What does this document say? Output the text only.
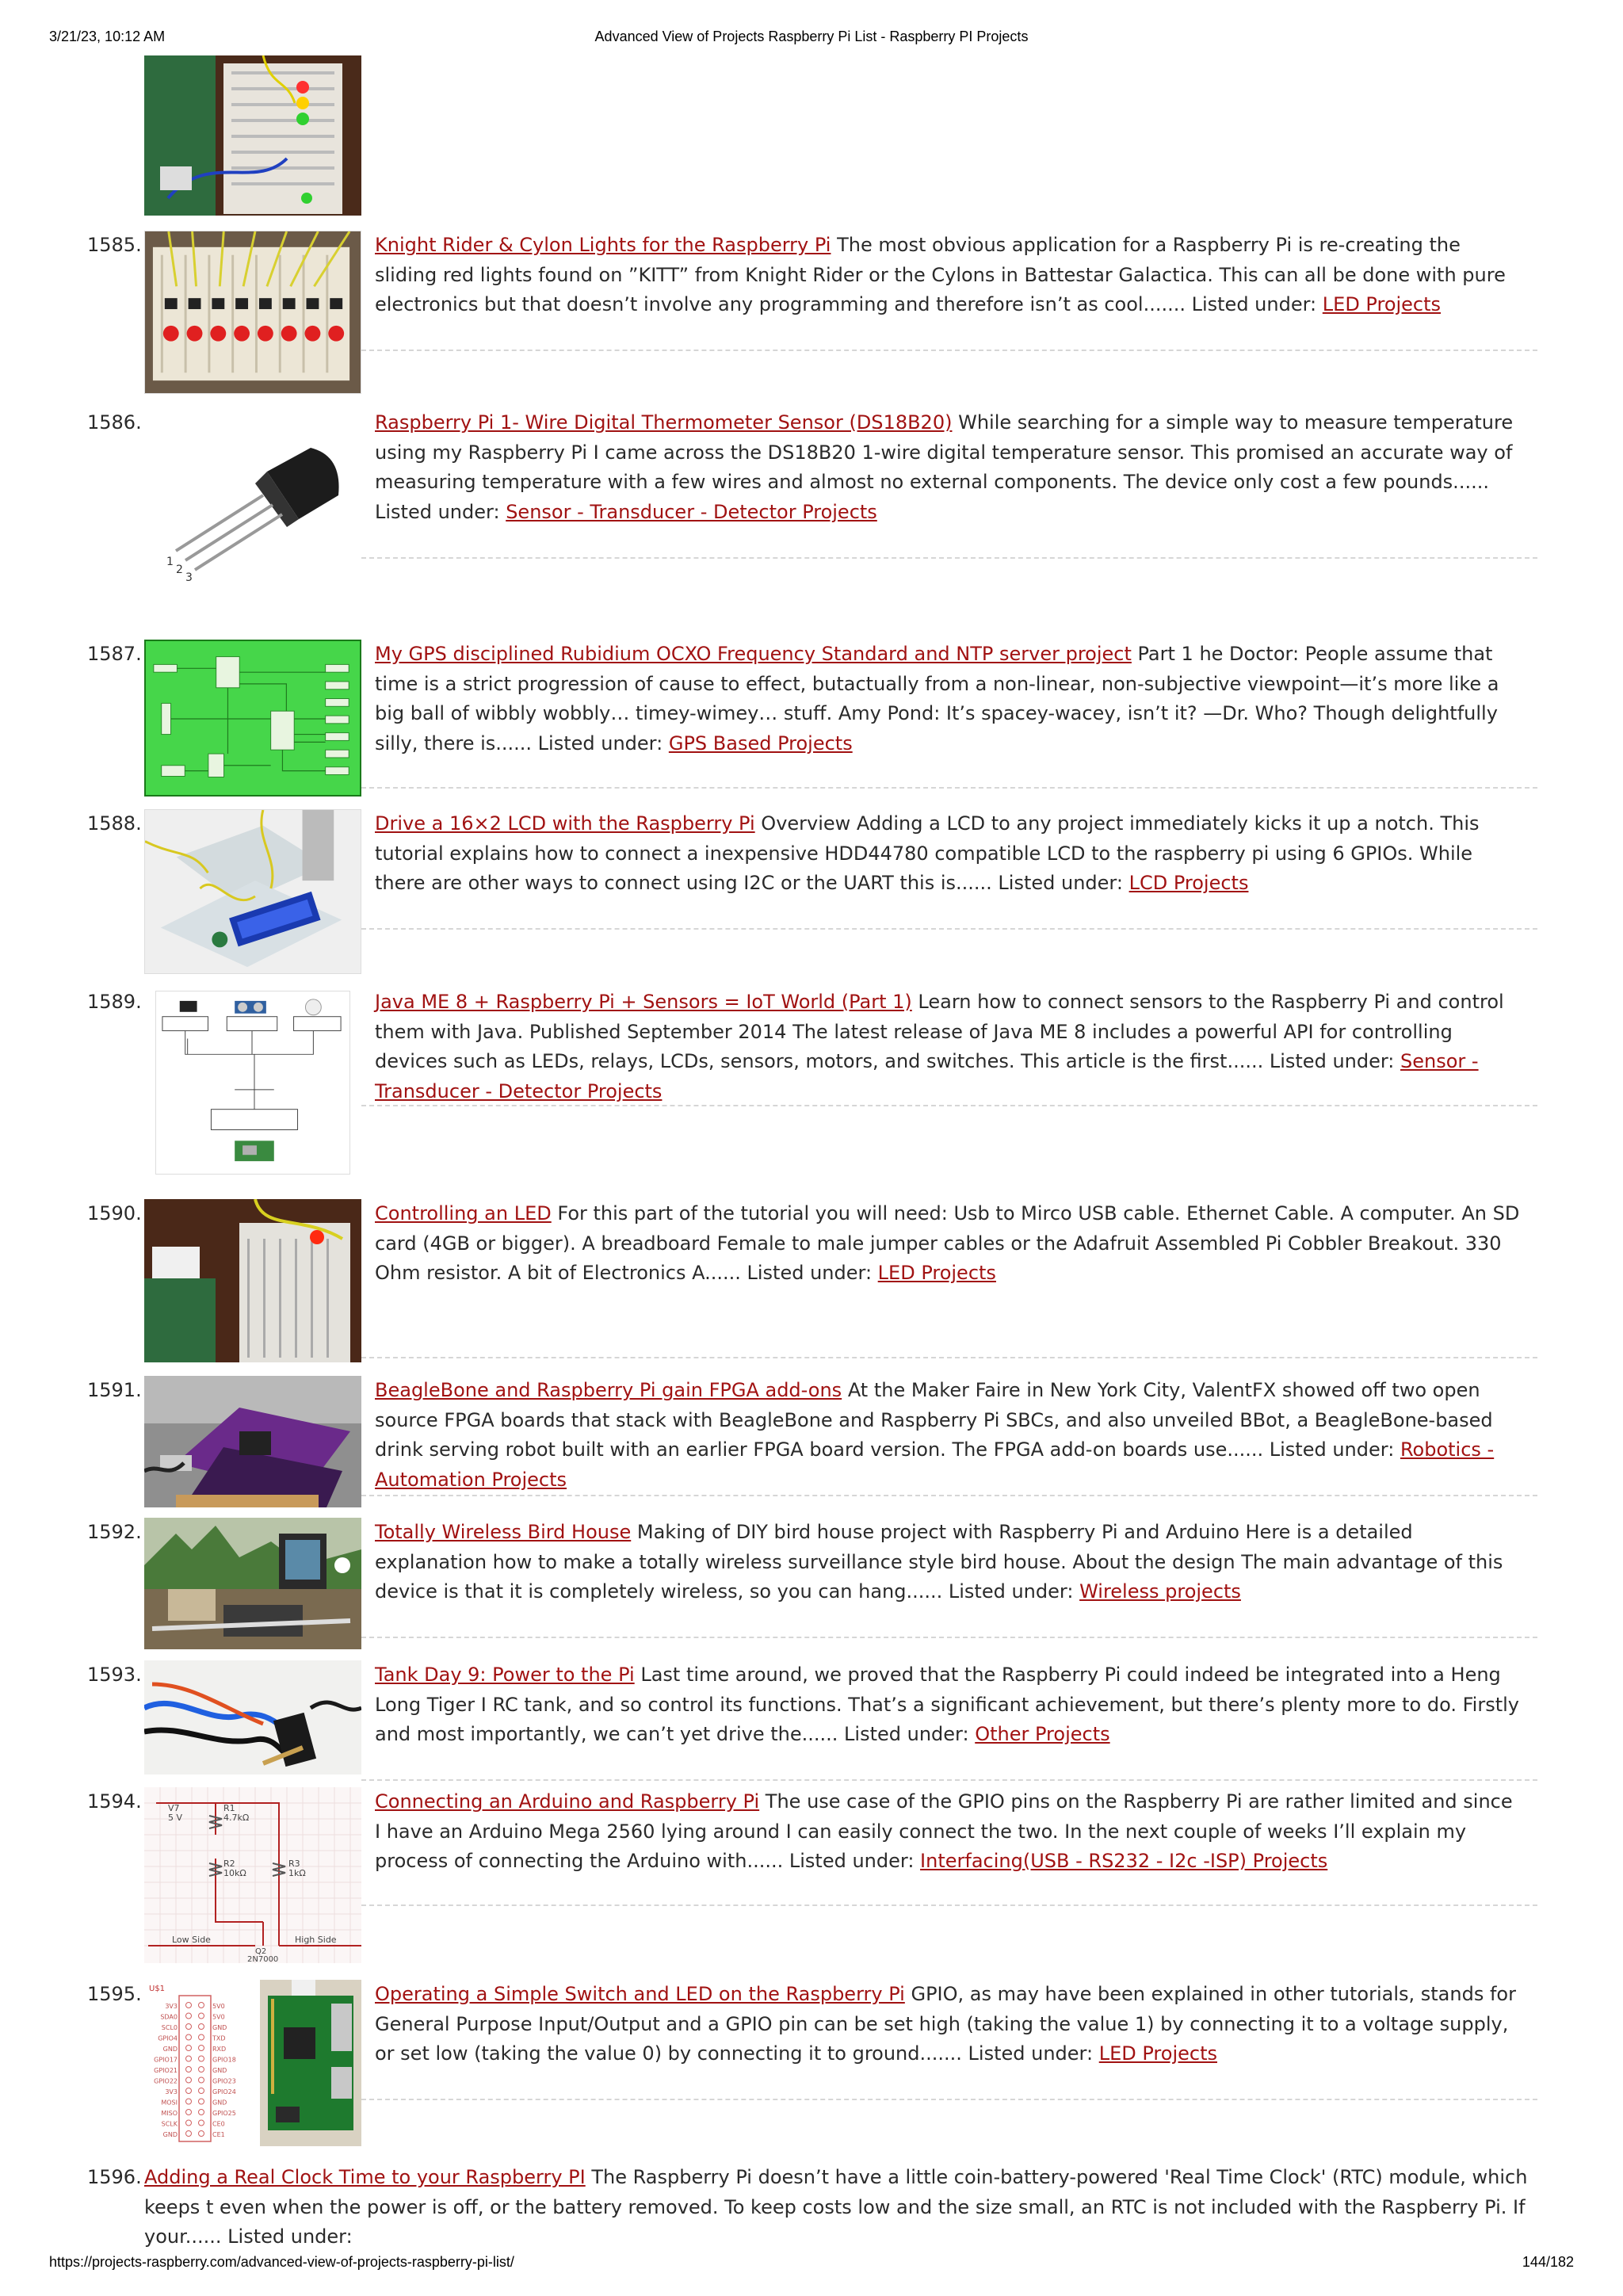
3/21/23, 10:12 AM	Advanced View of Projects Raspberry Pi List - Raspberry PI Projects
1585.	Knight Rider & Cylon Lights for the Raspberry Pi The most obvious application for a Raspberry Pi is re-creating the sliding red lights found on ”KITT” from Knight Rider or the Cylons in Battestar Galactica. This can all be done with pure electronics but that doesn’t involve any programming and therefore isn’t as cool....... Listed under: LED Projects
1586.
1
2
3
Raspberry Pi 1- Wire Digital Thermometer Sensor (DS18B20) While searching for a simple way to measure temperature using my Raspberry Pi I came across the DS18B20 1-wire digital temperature sensor. This promised an accurate way of measuring temperature with a few wires and almost no external components. The device only cost a few pounds...... Listed under: Sensor - Transducer - Detector Projects
1587.	My GPS disciplined Rubidium OCXO Frequency Standard and NTP server project Part 1 he Doctor: People assume that time is a strict progression of cause to effect, butactually from a non-linear, non-subjective viewpoint—it’s more like a big ball of wibbly wobbly… timey-wimey… stuff. Amy Pond: It’s spacey-wacey, isn’t it? —Dr. Who? Though delightfully silly, there is...... Listed under: GPS Based Projects
1588.	Drive a 16×2 LCD with the Raspberry Pi Overview Adding a LCD to any project immediately kicks it up a notch. This tutorial explains how to connect a inexpensive HDD44780 compatible LCD to the raspberry pi using 6 GPIOs. While there are other ways to connect using I2C or the UART this is...... Listed under: LCD Projects
1589.	Java ME 8 + Raspberry Pi + Sensors = IoT World (Part 1) Learn how to connect sensors to the Raspberry Pi and control them with Java. Published September 2014 The latest release of Java ME 8 includes a powerful API for controlling devices such as LEDs, relays, LCDs, sensors, motors, and switches. This article is the first...... Listed under: Sensor - Transducer - Detector Projects
1590.	Controlling an LED For this part of the tutorial you will need: Usb to Mirco USB cable. Ethernet Cable. A computer. An SD card (4GB or bigger). A breadboard Female to male jumper cables or the Adafruit Assembled Pi Cobbler Breakout. 330 Ohm resistor. A bit of Electronics A...... Listed under: LED Projects
1591.	BeagleBone and Raspberry Pi gain FPGA add-ons At the Maker Faire in New York City, ValentFX showed off two open source FPGA boards that stack with BeagleBone and Raspberry Pi SBCs, and also unveiled BBot, a BeagleBone-based drink serving robot built with an earlier FPGA board version. The FPGA add-on boards use...... Listed under: Robotics - Automation Projects
1592.	Totally Wireless Bird House Making of DIY bird house project with Raspberry Pi and Arduino Here is a detailed explanation how to make a totally wireless surveillance style bird house. About the design The main advantage of this device is that it is completely wireless, so you can hang...... Listed under: Wireless projects
1593.	Tank Day 9: Power to the Pi Last time around, we proved that the Raspberry Pi could indeed be integrated into a Heng Long Tiger I RC tank, and so control its functions. That’s a significant achievement, but there’s plenty more to do. Firstly and most importantly, we can’t yet drive the...... Listed under: Other Projects
1594.	V7
5 V
R1
4.7kΩ
R2
10kΩ
R3
1kΩ
Q2
2N7000
Low Side	High Side
Connecting an Arduino and Raspberry Pi The use case of the GPIO pins on the Raspberry Pi are rather limited and since I have an Arduino Mega 2560 lying around I can easily connect the two. In the next couple of weeks I’ll explain my process of connecting the Arduino with...... Listed under: Interfacing(USB - RS232 - I2c -ISP) Projects
1595. U$1
3V3
SDA0
SCL0
GPIO4
GND
GPIO17
GPIO21
GPIO22
3V3
MOSI
MISO
SCLK
GND
5V0
5V0
GND
TXD
RXD
GPIO18
GND
GPIO23
GPIO24
GND
GPIO25
CE0
CE1
Operating a Simple Switch and LED on the Raspberry Pi GPIO, as may have been explained in other tutorials, stands for General Purpose Input/Output and a GPIO pin can be set high (taking the value 1) by connecting it to a voltage supply, or set low (taking the value 0) by connecting it to ground....... Listed under: LED Projects
1596. Adding a Real Clock Time to your Raspberry PI The Raspberry Pi doesn’t have a little coin-battery-powered 'Real Time Clock' (RTC) module, which keeps t even when the power is off, or the battery removed. To keep costs low and the size small, an RTC is not included with the Raspberry Pi. If your...... Listed under:
https://projects-raspberry.com/advanced-view-of-projects-raspberry-pi-list/	144/182
